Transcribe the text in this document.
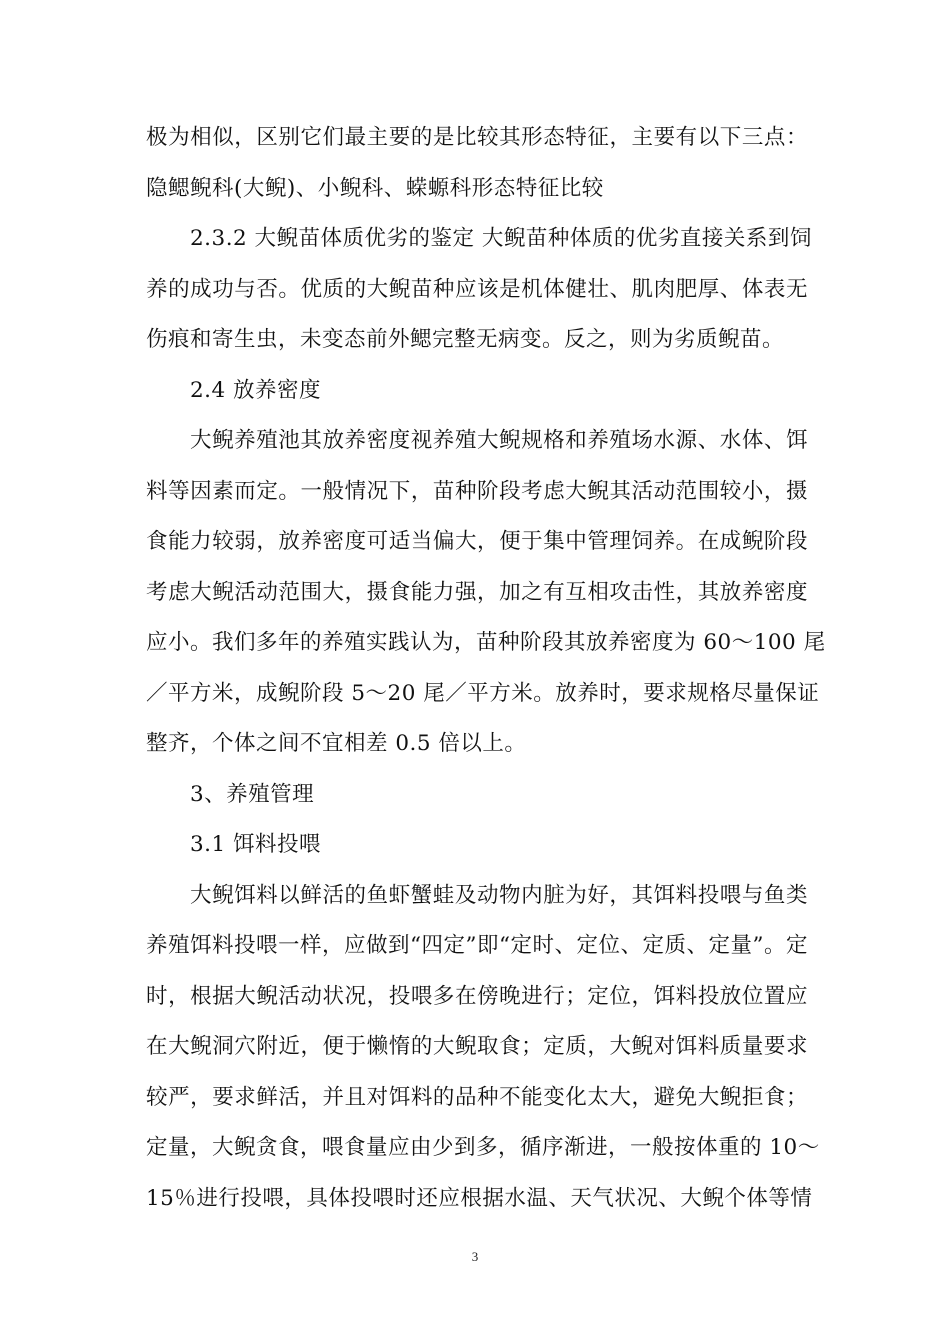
极为相似，区别它们最主要的是比较其形态特征，主要有以下三点：
隐鳃鲵科(大鲵)、小鲵科、蝾螈科形态特征比较
2.3.2 大鲵苗体质优劣的鉴定 大鲵苗种体质的优劣直接关系到饲
养的成功与否。优质的大鲵苗种应该是机体健壮、肌肉肥厚、体表无
伤痕和寄生虫，未变态前外鳃完整无病变。反之，则为劣质鲵苗。
2.4 放养密度
大鲵养殖池其放养密度视养殖大鲵规格和养殖场水源、水体、饵
料等因素而定。一般情况下，苗种阶段考虑大鲵其活动范围较小，摄
食能力较弱，放养密度可适当偏大，便于集中管理饲养。在成鲵阶段
考虑大鲵活动范围大，摄食能力强，加之有互相攻击性，其放养密度
应小。我们多年的养殖实践认为，苗种阶段其放养密度为 60～100 尾
／平方米，成鲵阶段 5～20 尾／平方米。放养时，要求规格尽量保证
整齐，个体之间不宜相差 0.5 倍以上。
3、养殖管理
3.1 饵料投喂
大鲵饵料以鲜活的鱼虾蟹蛙及动物内脏为好，其饵料投喂与鱼类
养殖饵料投喂一样，应做到“四定”即“定时、定位、定质、定量”。定
时，根据大鲵活动状况，投喂多在傍晚进行；定位，饵料投放位置应
在大鲵洞穴附近，便于懒惰的大鲵取食；定质，大鲵对饵料质量要求
较严，要求鲜活，并且对饵料的品种不能变化太大，避免大鲵拒食；
定量，大鲵贪食，喂食量应由少到多，循序渐进，一般按体重的 10～
15％进行投喂，具体投喂时还应根据水温、天气状况、大鲵个体等情
3
